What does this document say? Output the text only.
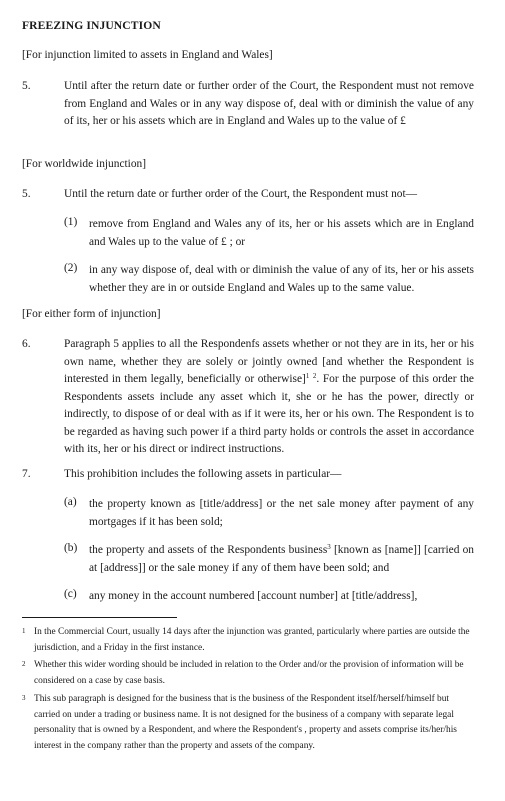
FREEZING INJUNCTION
[For injunction limited to assets in England and Wales]
5.	Until after the return date or further order of the Court, the Respondent must not remove from England and Wales or in any way dispose of, deal with or diminish the value of any of its, her or his assets which are in England and Wales up to the value of £
[For worldwide injunction]
5.	Until the return date or further order of the Court, the Respondent must not—
(1) remove from England and Wales any of its, her or his assets which are in England and Wales up to the value of £ ; or
(2) in any way dispose of, deal with or diminish the value of any of its, her or his assets whether they are in or outside England and Wales up to the same value.
[For either form of injunction]
6.	Paragraph 5 applies to all the Respondenfs assets whether or not they are in its, her or his own name, whether they are solely or jointly owned [and whether the Respondent is interested in them legally, beneficially or otherwise]$^1$ $^2$. For the purpose of this order the Respondents assets include any asset which it, she or he has the power, directly or indirectly, to dispose of or deal with as if it were its, her or his own. The Respondent is to be regarded as having such power if a third party holds or controls the asset in accordance with its, her or his direct or indirect instructions.
7.	This prohibition includes the following assets in particular—
(a) the property known as [title/address] or the net sale money after payment of any mortgages if it has been sold;
(b) the property and assets of the Respondents business$^3$ [known as [name]] [carried on at [address]] or the sale money if any of them have been sold; and
(c) any money in the account numbered [account number] at [title/address],
1 In the Commercial Court, usually 14 days after the injunction was granted, particularly where parties are outside the jurisdiction, and a Friday in the first instance.
2 Whether this wider wording should be included in relation to the Order and/or the provision of information will be considered on a case by case basis.
3 This sub paragraph is designed for the business that is the business of the Respondent itself/herself/himself but carried on under a trading or business name. It is not designed for the business of a company with separate legal personality that is owned by a Respondent, and where the Respondent's , property and assets comprise its/her/his interest in the company rather than the property and assets of the company.
